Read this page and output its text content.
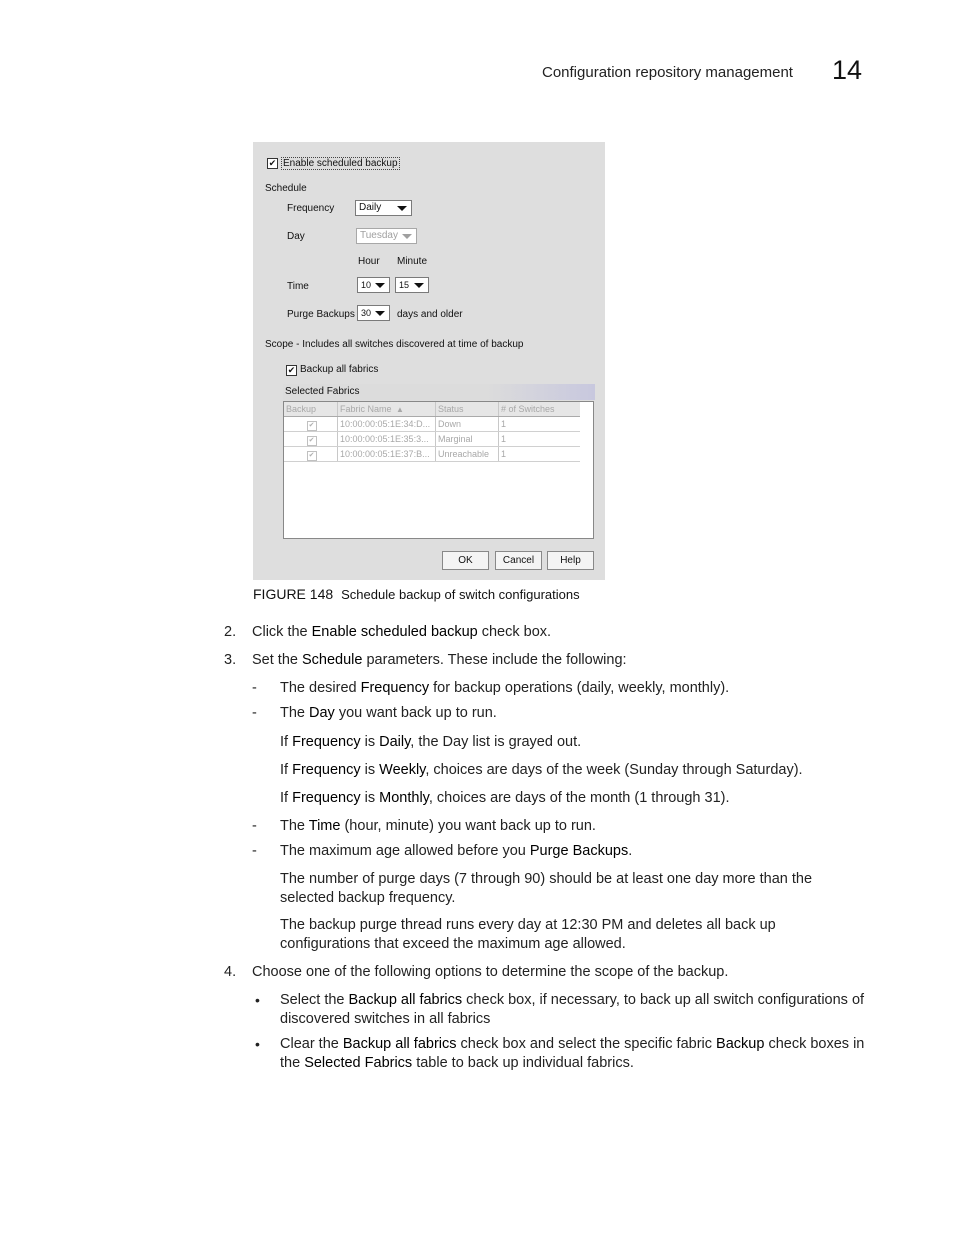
Configuration repository management 14
✔ Enable scheduled backup
Schedule
Frequency	Daily
Day	Tuesday
Hour Minute
Time	10	15
Purge Backups 30	days and older
Scope - Includes all switches discovered at time of backup
✔ Backup all fabrics
Selected Fabrics
Backup	Fabric Name ▲	Status	# of Switches
✔	10:00:00:05:1E:34:D... Down	1
✔	10:00:00:05:1E:35:3...	Marginal	1
✔	10:00:00:05:1E:37:B... Unreachable	1
OK	Cancel	Help
FIGURE 148 Schedule backup of switch configurations
2. Click the Enable scheduled backup check box.
3. Set the Schedule parameters. These include the following:
- The desired Frequency for backup operations (daily, weekly, monthly).
- The Day you want back up to run.
If Frequency is Daily, the Day list is grayed out.
If Frequency is Weekly, choices are days of the week (Sunday through Saturday).
If Frequency is Monthly, choices are days of the month (1 through 31).
- The Time (hour, minute) you want back up to run.
- The maximum age allowed before you Purge Backups.
The number of purge days (7 through 90) should be at least one day more than the selected backup frequency.
The backup purge thread runs every day at 12:30 PM and deletes all back up configurations that exceed the maximum age allowed.
4. Choose one of the following options to determine the scope of the backup.
• Select the Backup all fabrics check box, if necessary, to back up all switch configurations of discovered switches in all fabrics
• Clear the Backup all fabrics check box and select the specific fabric Backup check boxes in the Selected Fabrics table to back up individual fabrics.
